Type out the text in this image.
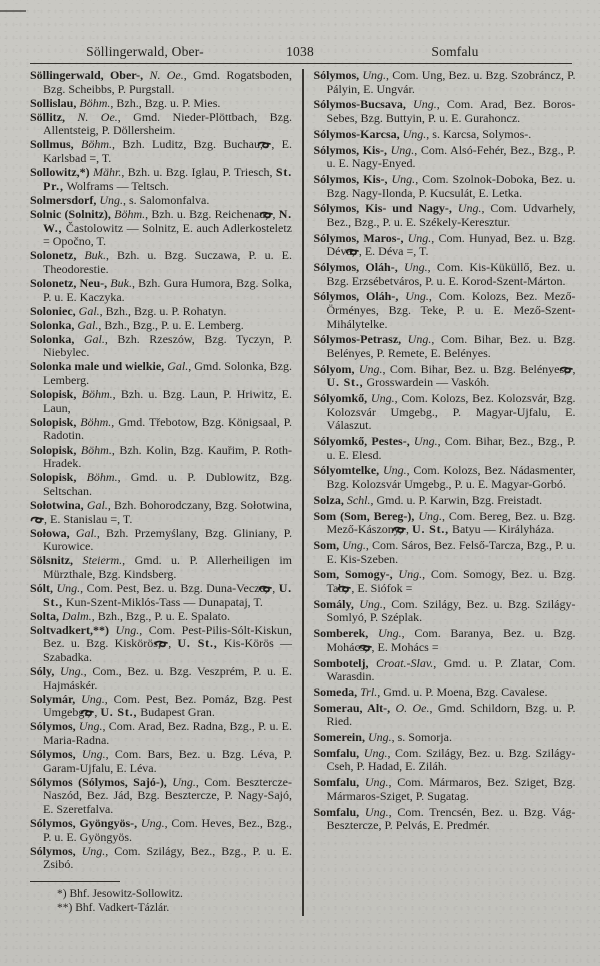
Söllingerwald, Ober-	1038	Somfalu
Söllingerwald, Ober-, N. Oe., Gmd. Rogatsboden, Bzg. Scheibbs, P. Purgstall.
Sollislau, Böhm., Bzh., Bzg. u. P. Mies.
Söllitz, N. Oe., Gmd. Nieder-Plöttbach, Bzg. Allentsteig, P. Döllersheim.
Sollmus, Böhm., Bzh. Luditz, Bzg. Buchau, , E. Karlsbad =, T.
Sollowitz,*) Mähr., Bzh. u. Bzg. Iglau, P. Triesch, St. Pr., Wolframs — Teltsch.
Solmersdorf, Ung., s. Salomonfalva.
Solnic (Solnitz), Böhm., Bzh. u. Bzg. Reichenau, , N. W., Častolowitz — Solnitz, E. auch Adlerkosteletz = Opočno, T.
Solonetz, Buk., Bzh. u. Bzg. Suczawa, P. u. E. Theodorestie.
Solonetz, Neu-, Buk., Bzh. Gura Humora, Bzg. Solka, P. u. E. Kaczyka.
Soloniec, Gal., Bzh., Bzg. u. P. Rohatyn.
Solonka, Gal., Bzh., Bzg., P. u. E. Lemberg.
Solonka, Gal., Bzh. Rzeszów, Bzg. Tyczyn, P. Niebylec.
Solonka male und wielkie, Gal., Gmd. Solonka, Bzg. Lemberg.
Solopisk, Böhm., Bzh. u. Bzg. Laun, P. Hriwitz, E. Laun,
Solopisk, Böhm., Gmd. Třebotow, Bzg. Königsaal, P. Radotin.
Solopisk, Böhm., Bzh. Kolin, Bzg. Kauřim, P. Roth-Hradek.
Solopisk, Böhm., Gmd. u. P. Dublowitz, Bzg. Seltschan.
Sołotwina, Gal., Bzh. Bohorodczany, Bzg. Sołotwina, , E. Stanislau =, T.
Sołowa, Gal., Bzh. Przemyślany, Bzg. Gliniany, P. Kurowice.
Sölsnitz, Steierm., Gmd. u. P. Allerheiligen im Mürzthale, Bzg. Kindsberg.
Sólt, Ung., Com. Pest, Bez. u. Bzg. Duna-Vecze, , U. St., Kun-Szent-Miklós-Tass — Dunapataj, T.
Solta, Dalm., Bzh., Bzg., P. u. E. Spalato.
Soltvadkert,**) Ung., Com. Pest-Pilis-Sólt-Kiskun, Bez. u. Bzg. Kiskörös, , U. St., Kis-Körös — Szabadka.
Sóly, Ung., Com., Bez. u. Bzg. Veszprém, P. u. E. Hajmáskér.
Solymár, Ung., Com. Pest, Bez. Pomáz, Bzg. Pest Umgebg., , U. St., Budapest Gran.
Sólymos, Ung., Com. Arad, Bez. Radna, Bzg., P. u. E. Maria-Radna.
Sólymos, Ung., Com. Bars, Bez. u. Bzg. Léva, P. Garam-Ujfalu, E. Léva.
Sólymos (Sólymos, Sajó-), Ung., Com. Besztercze-Naszód, Bez. Jád, Bzg. Besztercze, P. Nagy-Sajó, E. Szeretfalva.
Sólymos, Gyöngyös-, Ung., Com. Heves, Bez., Bzg., P. u. E. Gyöngyös.
Sólymos, Ung., Com. Szilágy, Bez., Bzg., P. u. E. Zsibó.
*) Bhf. Jesowitz-Sollowitz.
**) Bhf. Vadkert-Tázlár.
Sólymos, Ung., Com. Ung, Bez. u. Bzg. Szobráncz, P. Pályin, E. Ungvár.
Sólymos-Bucsava, Ung., Com. Arad, Bez. Boros-Sebes, Bzg. Buttyin, P. u. E. Gurahoncz.
Sólymos-Karcsa, Ung., s. Karcsa, Solymos-.
Sólymos, Kis-, Ung., Com. Alsó-Fehér, Bez., Bzg., P. u. E. Nagy-Enyed.
Sólymos, Kis-, Ung., Com. Szolnok-Doboka, Bez. u. Bzg. Nagy-Ilonda, P. Kucsulát, E. Letka.
Sólymos, Kis- und Nagy-, Ung., Com. Udvarhely, Bez., Bzg., P. u. E. Székely-Keresztur.
Sólymos, Maros-, Ung., Com. Hunyad, Bez. u. Bzg. Déva, , E. Déva =, T.
Sólymos, Oláh-, Ung., Com. Kis-Küküllő, Bez. u. Bzg. Erzsébetváros, P. u. E. Korod-Szent-Márton.
Sólymos, Oláh-, Ung., Com. Kolozs, Bez. Mező-Örményes, Bzg. Teke, P. u. E. Mező-Szent-Mihálytelke.
Sólymos-Petrasz, Ung., Com. Bihar, Bez. u. Bzg. Belényes, P. Remete, E. Belényes.
Sólyom, Ung., Com. Bihar, Bez. u. Bzg. Belényes, , U. St., Grosswardein — Vaskóh.
Sólyomkő, Ung., Com. Kolozs, Bez. Kolozsvár, Bzg. Kolozsvár Umgebg., P. Magyar-Ujfalu, E. Válaszut.
Sólyomkő, Pestes-, Ung., Com. Bihar, Bez., Bzg., P. u. E. Elesd.
Sólyomtelke, Ung., Com. Kolozs, Bez. Nádasmenter, Bzg. Kolozsvár Umgebg., P. u. E. Magyar-Gorbó.
Solza, Schl., Gmd. u. P. Karwin, Bzg. Freistadt.
Som (Som, Bereg-), Ung., Com. Bereg, Bez. u. Bzg. Mező-Kászony, , U. St., Batyu — Királyháza.
Som, Ung., Com. Sáros, Bez. Felső-Tarcza, Bzg., P. u. E. Kis-Szeben.
Som, Somogy-, Ung., Com. Somogy, Bez. u. Bzg. Tab, , E. Siófok =
Somály, Ung., Com. Szilágy, Bez. u. Bzg. Szilágy-Somlyó, P. Széplak.
Somberek, Ung., Com. Baranya, Bez. u. Bzg. Mohács, , E. Mohács =
Sombotelj, Croat.-Slav., Gmd. u. P. Zlatar, Com. Warasdin.
Someda, Trl., Gmd. u. P. Moena, Bzg. Cavalese.
Somerau, Alt-, O. Oe., Gmd. Schildorn, Bzg. u. P. Ried.
Somerein, Ung., s. Somorja.
Somfalu, Ung., Com. Szilágy, Bez. u. Bzg. Szilágy-Cseh, P. Hadad, E. Ziláh.
Somfalu, Ung., Com. Mármaros, Bez. Sziget, Bzg. Mármaros-Sziget, P. Sugatag.
Somfalu, Ung., Com. Trencsén, Bez. u. Bzg. Vág-Besztercze, P. Pelvás, E. Predmér.
